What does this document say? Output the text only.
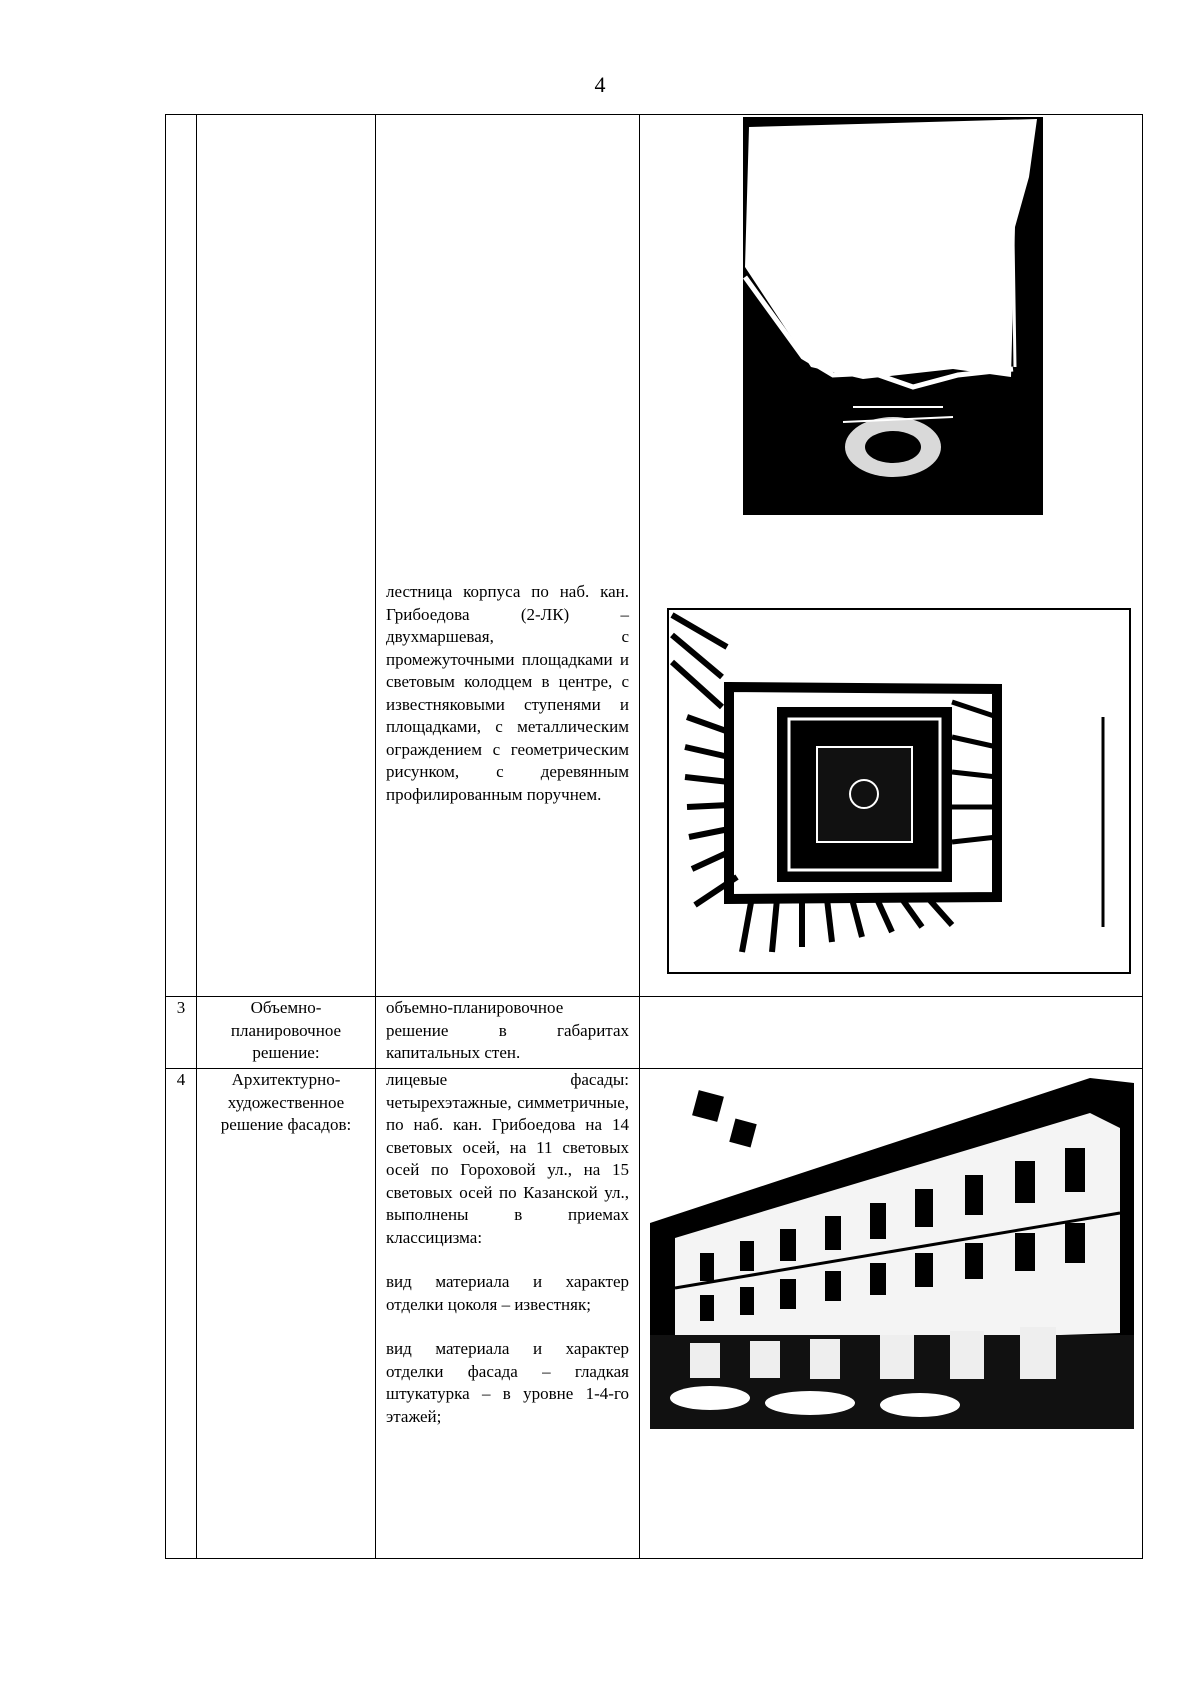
4

		лестница корпуса по наб. кан. Грибоедова (2-ЛК) – двухмаршевая, с промежуточными площадками и световым колодцем в центре, с известняковыми ступенями и площадками, с металлическим ограждением с геометрическим рисунком, с деревянным профилированным поручнем.

3	Объемно-планировочное решение:	объемно-планировочное решение в габаритах капитальных стен.	

4	Архитектурно-художественное решение фасадов:	лицевые фасады: четырехэтажные, симметричные, по наб. кан. Грибоедова на 14 световых осей, на 11 световых осей по Гороховой ул., на 15 световых осей по Казанской ул., выполнены в приемах классицизма:

вид материала и характер отделки цоколя – известняк;

вид материала и характер отделки фасада – гладкая штукатурка – в уровне 1-4-го этажей;
